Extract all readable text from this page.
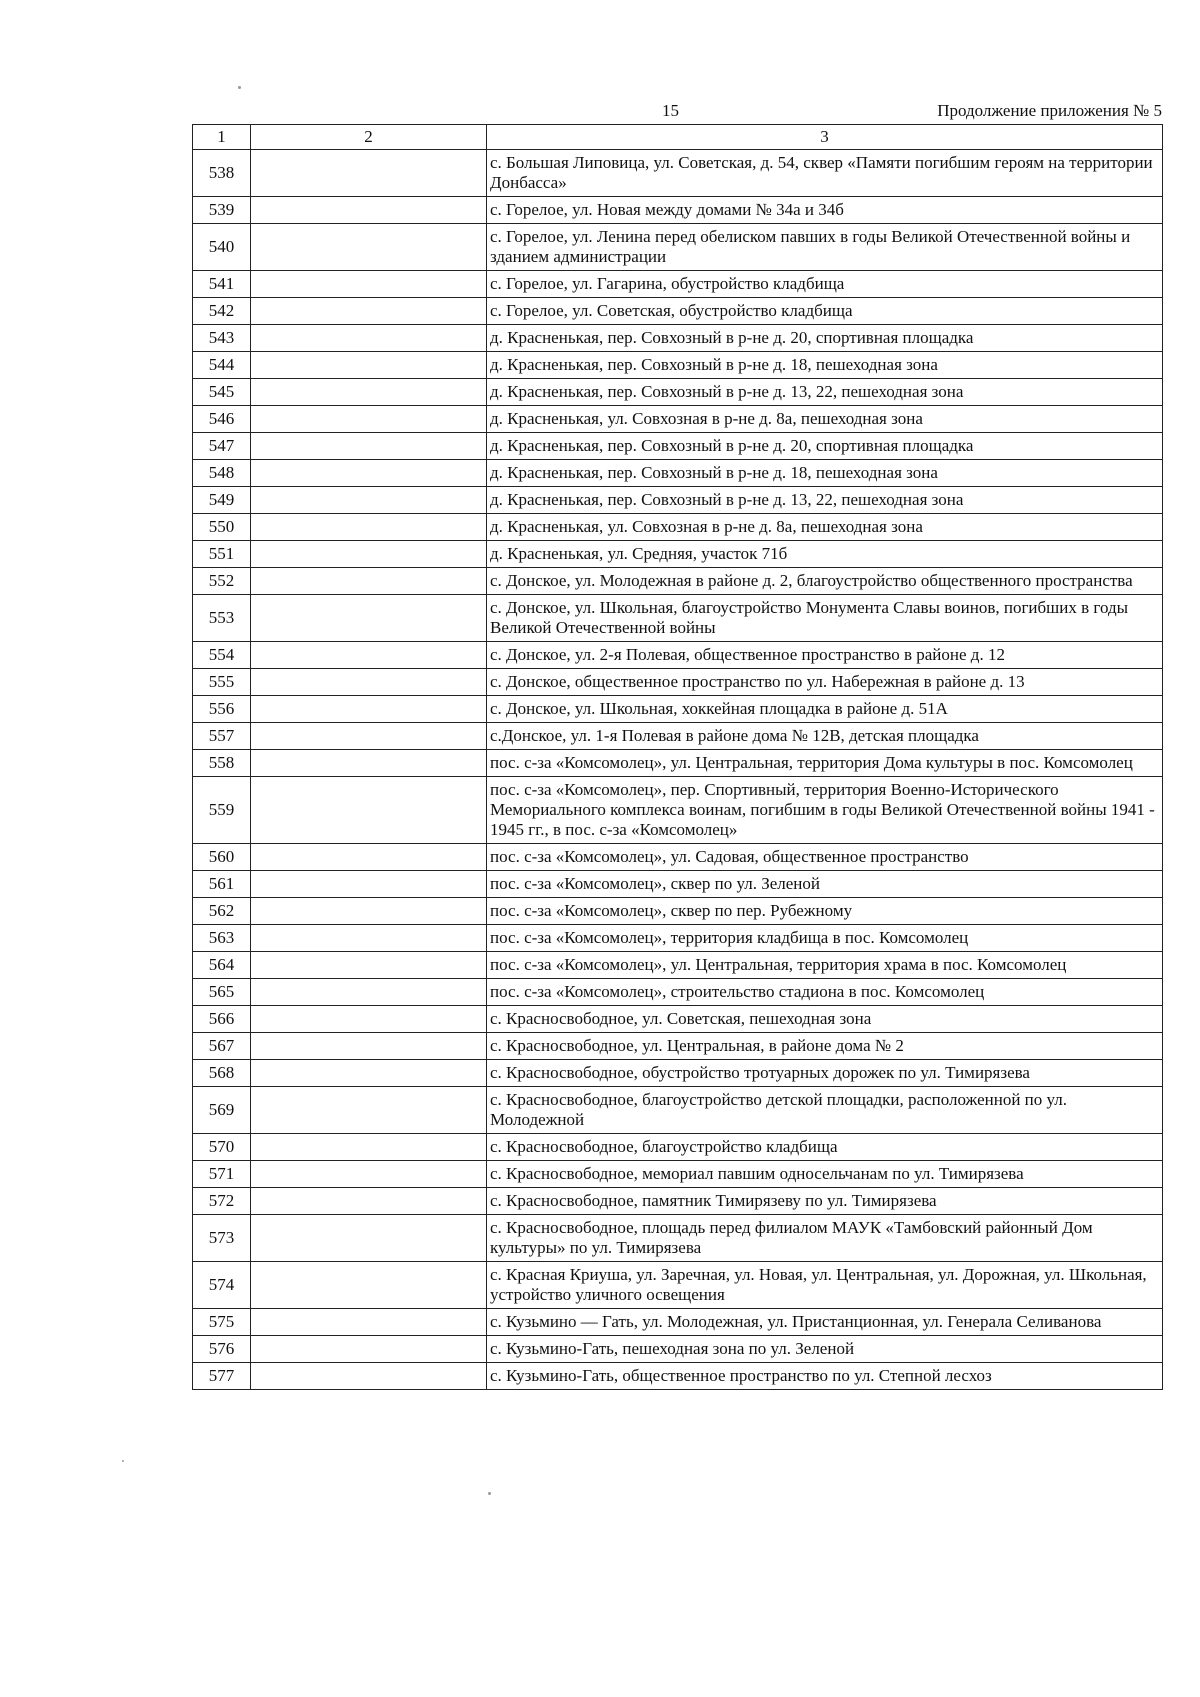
15	Продолжение приложения № 5
1	2	3
538		с. Большая Липовица, ул. Советская, д. 54, сквер «Памяти погибшим героям на территории Донбасса»
539		с. Горелое, ул. Новая между домами № 34а и 34б
540		с. Горелое, ул. Ленина перед обелиском павших в годы Великой Отечественной войны и зданием администрации
541		с. Горелое, ул. Гагарина, обустройство кладбища
542		с. Горелое, ул. Советская, обустройство кладбища
543		д. Красненькая, пер. Совхозный в р-не д. 20, спортивная площадка
544		д. Красненькая, пер. Совхозный в р-не д. 18, пешеходная зона
545		д. Красненькая, пер. Совхозный в р-не д. 13, 22, пешеходная зона
546		д. Красненькая, ул. Совхозная в р-не д. 8а, пешеходная зона
547		д. Красненькая, пер. Совхозный в р-не д. 20, спортивная площадка
548		д. Красненькая, пер. Совхозный в р-не д. 18, пешеходная зона
549		д. Красненькая, пер. Совхозный в р-не д. 13, 22, пешеходная зона
550		д. Красненькая, ул. Совхозная в р-не д. 8а, пешеходная зона
551		д. Красненькая, ул. Средняя, участок 71б
552		с. Донское, ул. Молодежная в районе д. 2, благоустройство общественного пространства
553		с. Донское, ул. Школьная, благоустройство Монумента Славы воинов, погибших в годы Великой Отечественной войны
554		с. Донское, ул. 2-я Полевая, общественное пространство в районе д. 12
555		с. Донское, общественное пространство по ул. Набережная в районе д. 13
556		с. Донское, ул. Школьная, хоккейная площадка в районе д. 51А
557		с.Донское, ул. 1-я Полевая в районе дома № 12В, детская площадка
558		пос. с-за «Комсомолец», ул. Центральная, территория Дома культуры в пос. Комсомолец
559		пос. с-за «Комсомолец», пер. Спортивный, территория Военно-Исторического Мемориального комплекса воинам, погибшим в годы Великой Отечественной войны 1941 - 1945 гг., в пос. с-за «Комсомолец»
560		пос. с-за «Комсомолец», ул. Садовая, общественное пространство
561		пос. с-за «Комсомолец», сквер по ул. Зеленой
562		пос. с-за «Комсомолец», сквер по пер. Рубежному
563		пос. с-за «Комсомолец», территория кладбища в пос. Комсомолец
564		пос. с-за «Комсомолец», ул. Центральная, территория храма в пос. Комсомолец
565		пос. с-за «Комсомолец», строительство стадиона в пос. Комсомолец
566		с. Красносвободное, ул. Советская, пешеходная зона
567		с. Красносвободное, ул. Центральная, в районе дома № 2
568		с. Красносвободное, обустройство тротуарных дорожек по ул. Тимирязева
569		с. Красносвободное, благоустройство детской площадки, расположенной по ул. Молодежной
570		с. Красносвободное, благоустройство кладбища
571		с. Красносвободное, мемориал павшим односельчанам по ул. Тимирязева
572		с. Красносвободное, памятник Тимирязеву по ул. Тимирязева
573		с. Красносвободное, площадь перед филиалом МАУК «Тамбовский районный Дом культуры» по ул. Тимирязева
574		с. Красная Криуша, ул. Заречная, ул. Новая, ул. Центральная, ул. Дорожная, ул. Школьная, устройство уличного освещения
575		с. Кузьмино — Гать, ул. Молодежная, ул. Пристанционная, ул. Генерала Селиванова
576		с. Кузьмино-Гать, пешеходная зона по ул. Зеленой
577		с. Кузьмино-Гать, общественное пространство по ул. Степной лесхоз
